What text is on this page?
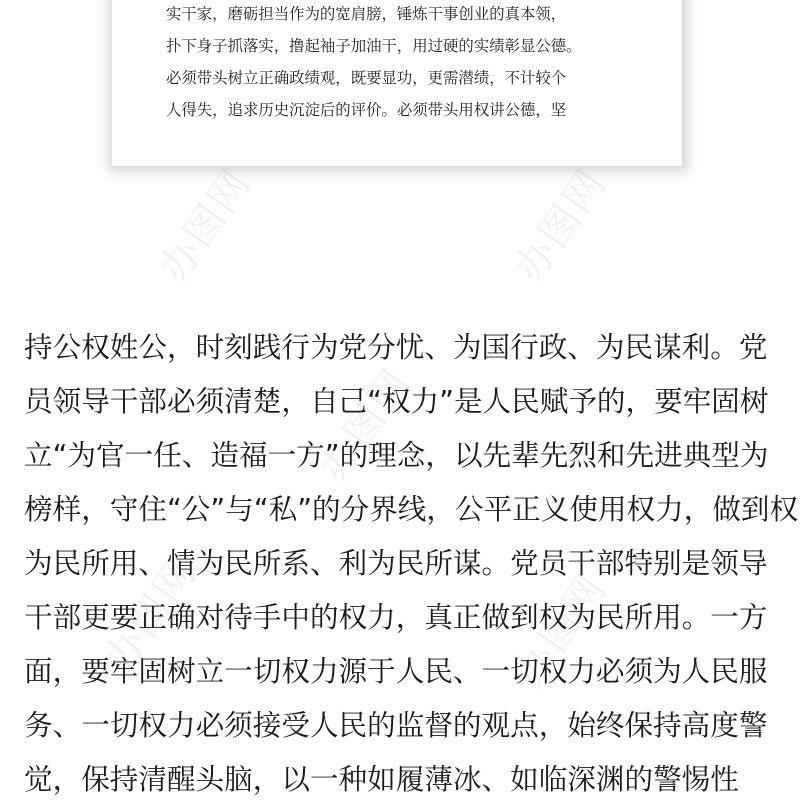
实干家，磨砺担当作为的宽肩膀，锤炼干事创业的真本领，
扑下身子抓落实，撸起袖子加油干，用过硬的实绩彰显公德。
必须带头树立正确政绩观，既要显功，更需潜绩，不计较个
人得失，追求历史沉淀后的评价。必须带头用权讲公德，坚
持公权姓公，时刻践行为党分忧、为国行政、为民谋利。党
员领导干部必须清楚，自己“权力”是人民赋予的，要牢固树
立“为官一任、造福一方”的理念，以先辈先烈和先进典型为
榜样，守住“公”与“私”的分界线，公平正义使用权力，做到权
为民所用、情为民所系、利为民所谋。党员干部特别是领导
干部更要正确对待手中的权力，真正做到权为民所用。一方
面，要牢固树立一切权力源于人民、一切权力必须为人民服
务、一切权力必须接受人民的监督的观点，始终保持高度警
觉，保持清醒头脑，以一种如履薄冰、如临深渊的警惕性
办图网	办图网
办图网
办图网	办图网
